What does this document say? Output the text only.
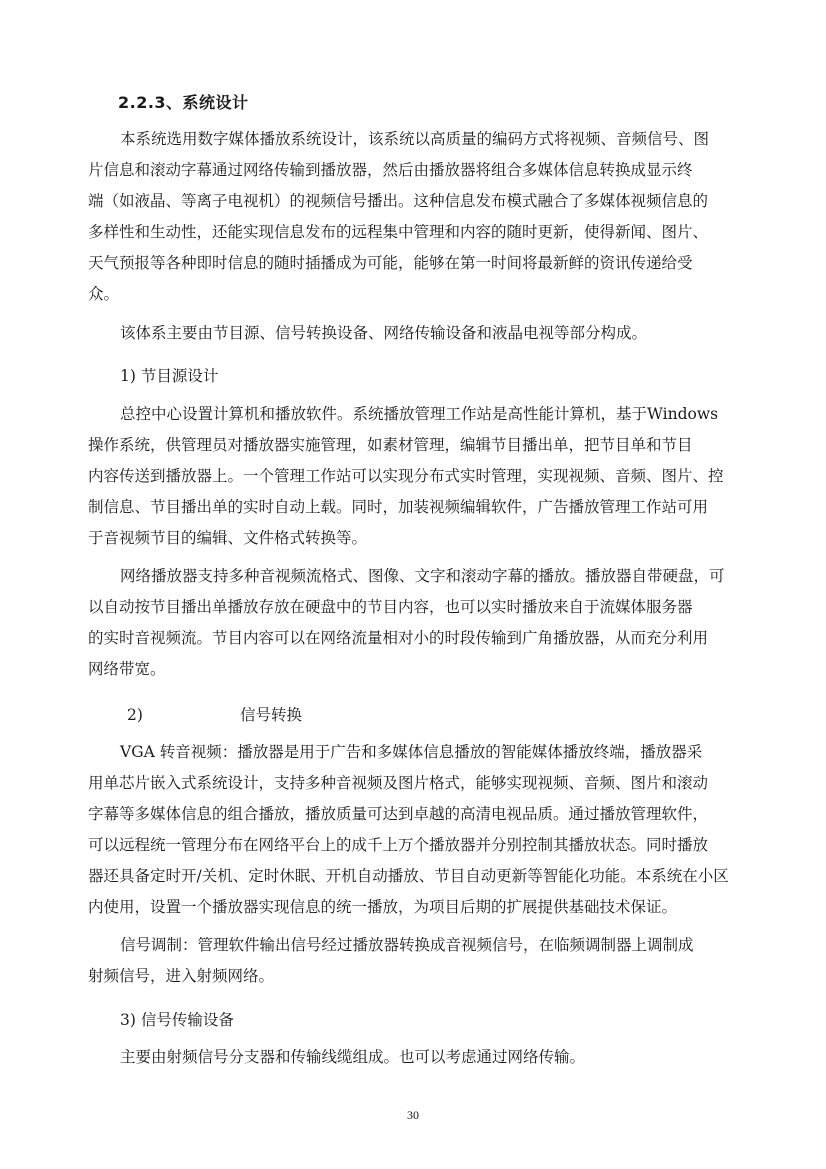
2.2.3、系统设计
本系统选用数字媒体播放系统设计，该系统以高质量的编码方式将视频、音频信号、图
片信息和滚动字幕通过网络传输到播放器，然后由播放器将组合多媒体信息转换成显示终
端（如液晶、等离子电视机）的视频信号播出。这种信息发布模式融合了多媒体视频信息的
多样性和生动性，还能实现信息发布的远程集中管理和内容的随时更新，使得新闻、图片、
天气预报等各种即时信息的随时插播成为可能，能够在第一时间将最新鲜的资讯传递给受
众。
该体系主要由节目源、信号转换设备、网络传输设备和液晶电视等部分构成。
1) 节目源设计
总控中心设置计算机和播放软件。系统播放管理工作站是高性能计算机，基于Windows
操作系统，供管理员对播放器实施管理，如素材管理，编辑节目播出单，把节目单和节目
内容传送到播放器上。一个管理工作站可以实现分布式实时管理，实现视频、音频、图片、控
制信息、节目播出单的实时自动上载。同时，加装视频编辑软件，广告播放管理工作站可用
于音视频节目的编辑、文件格式转换等。
网络播放器支持多种音视频流格式、图像、文字和滚动字幕的播放。播放器自带硬盘，可
以自动按节目播出单播放存放在硬盘中的节目内容，也可以实时播放来自于流媒体服务器
的实时音视频流。节目内容可以在网络流量相对小的时段传输到广角播放器，从而充分利用
网络带宽。
2)	信号转换
VGA 转音视频：播放器是用于广告和多媒体信息播放的智能媒体播放终端，播放器采
用单芯片嵌入式系统设计，支持多种音视频及图片格式，能够实现视频、音频、图片和滚动
字幕等多媒体信息的组合播放，播放质量可达到卓越的高清电视品质。通过播放管理软件，
可以远程统一管理分布在网络平台上的成千上万个播放器并分别控制其播放状态。同时播放
器还具备定时开/关机、定时休眠、开机自动播放、节目自动更新等智能化功能。本系统在小区
内使用，设置一个播放器实现信息的统一播放，为项目后期的扩展提供基础技术保证。
信号调制：管理软件输出信号经过播放器转换成音视频信号，在临频调制器上调制成
射频信号，进入射频网络。
3) 信号传输设备
主要由射频信号分支器和传输线缆组成。也可以考虑通过网络传输。
30
